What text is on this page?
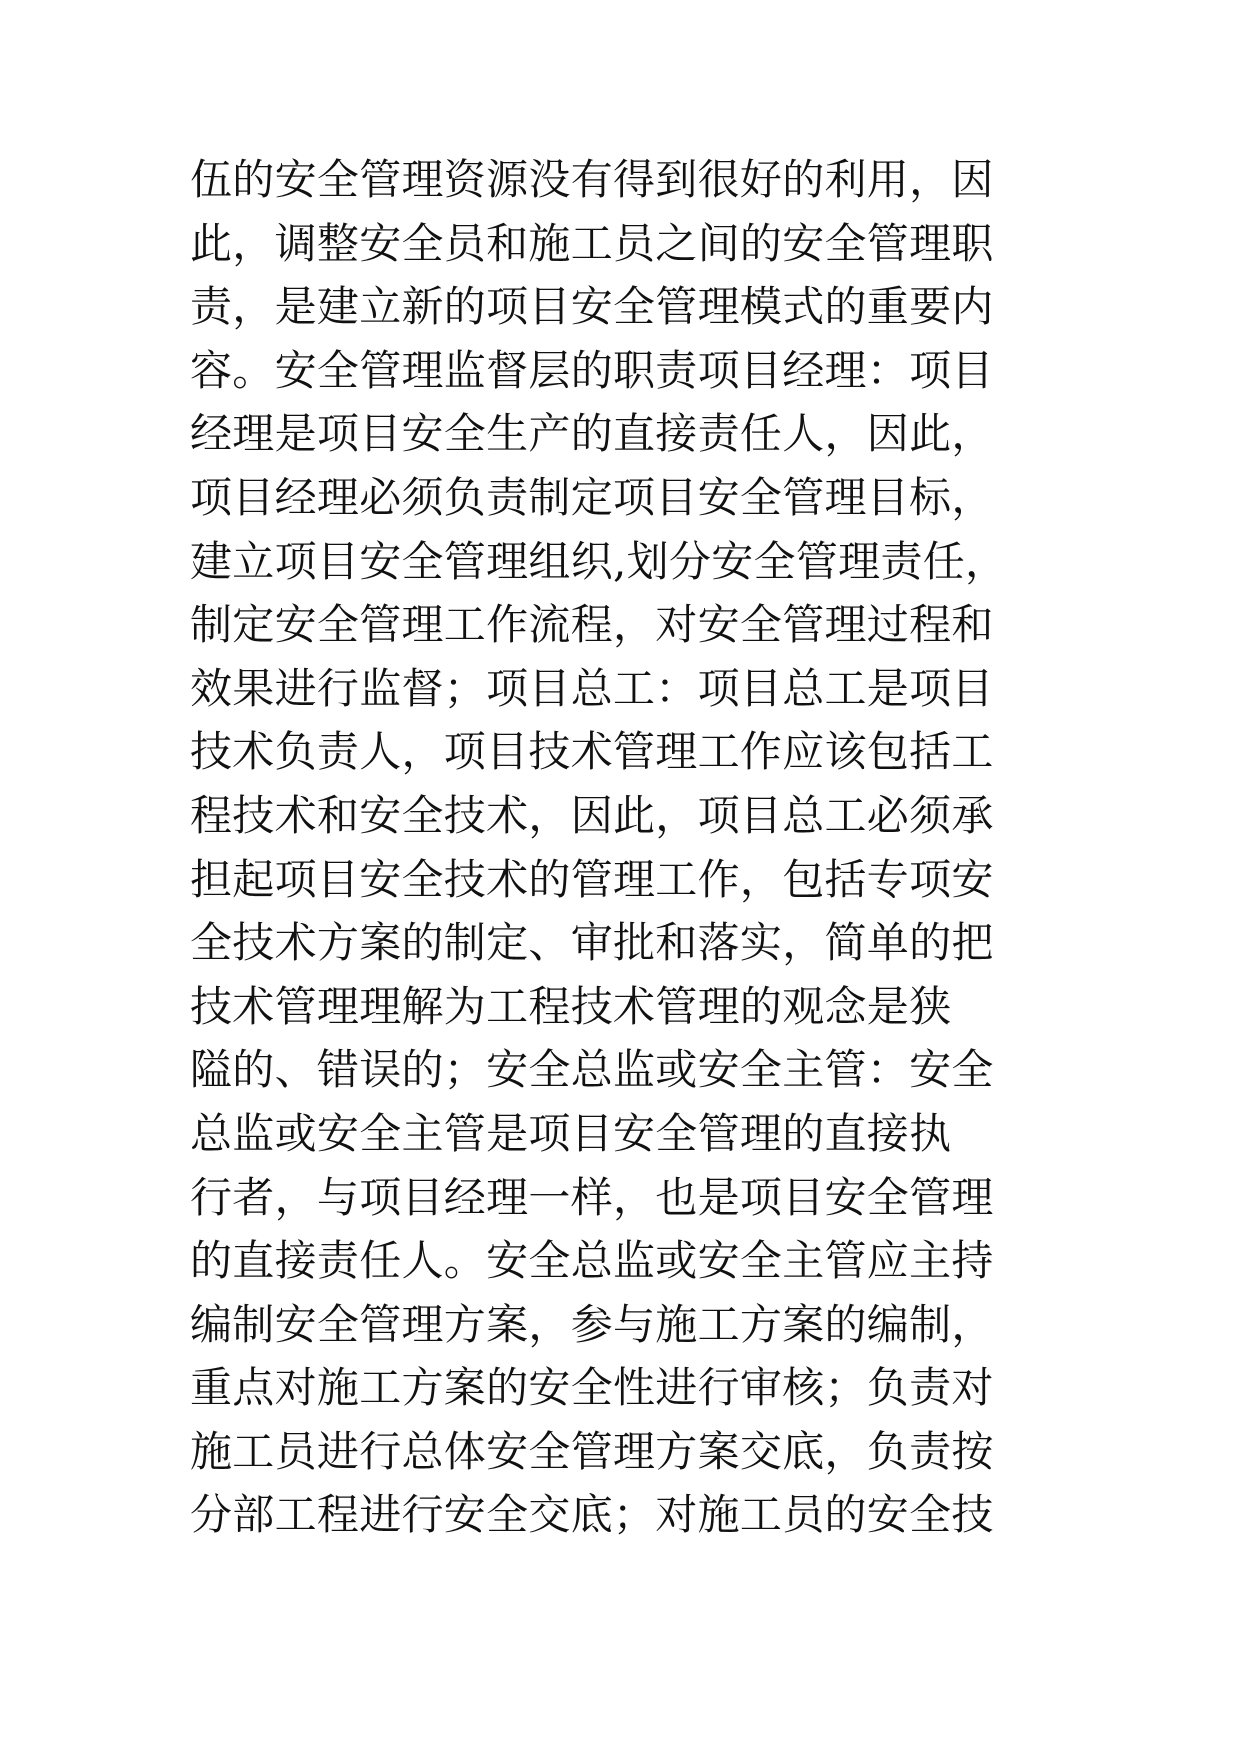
伍的安全管理资源没有得到很好的利用，因
此，调整安全员和施工员之间的安全管理职
责，是建立新的项目安全管理模式的重要内
容。安全管理监督层的职责项目经理：项目
经理是项目安全生产的直接责任人，因此，
项目经理必须负责制定项目安全管理目标，
建立项目安全管理组织,划分安全管理责任，
制定安全管理工作流程，对安全管理过程和
效果进行监督；项目总工：项目总工是项目
技术负责人，项目技术管理工作应该包括工
程技术和安全技术，因此，项目总工必须承
担起项目安全技术的管理工作，包括专项安
全技术方案的制定、审批和落实，简单的把
技术管理理解为工程技术管理的观念是狭
隘的、错误的；安全总监或安全主管：安全
总监或安全主管是项目安全管理的直接执
行者，与项目经理一样，也是项目安全管理
的直接责任人。安全总监或安全主管应主持
编制安全管理方案，参与施工方案的编制，
重点对施工方案的安全性进行审核；负责对
施工员进行总体安全管理方案交底，负责按
分部工程进行安全交底；对施工员的安全技
